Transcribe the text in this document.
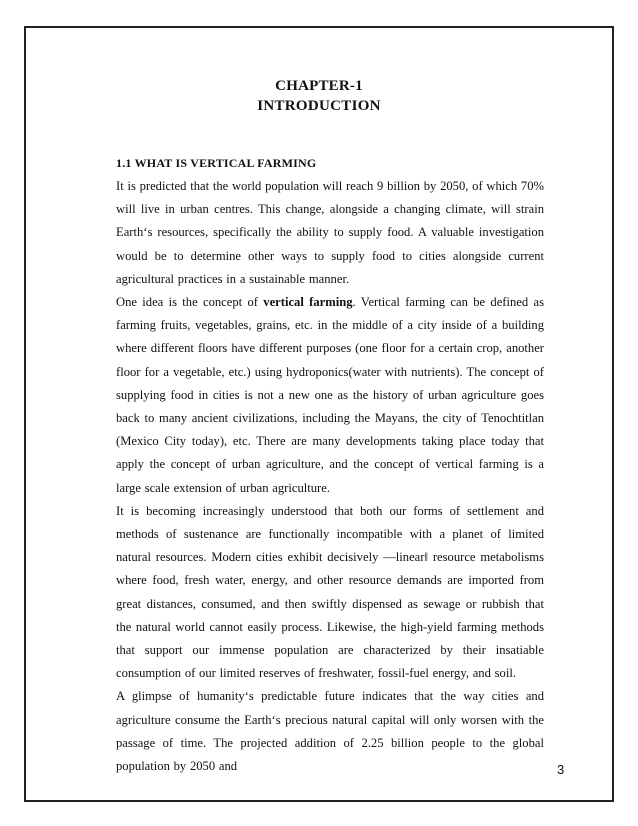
CHAPTER-1
INTRODUCTION
1.1 WHAT IS VERTICAL FARMING

It is predicted that the world population will reach 9 billion by 2050, of which 70% will live in urban centres. This change, alongside a changing climate, will strain Earth‘s resources, specifically the ability to supply food. A valuable investigation would be to determine other ways to supply food to cities alongside current agricultural practices in a sustainable manner.

One idea is the concept of vertical farming. Vertical farming can be defined as farming fruits, vegetables, grains, etc. in the middle of a city inside of a building where different floors have different purposes (one floor for a certain crop, another floor for a vegetable, etc.) using hydroponics(water with nutrients). The concept of supplying food in cities is not a new one as the history of urban agriculture goes back to many ancient civilizations, including the Mayans, the city of Tenochtitlan (Mexico City today), etc. There are many developments taking place today that apply the concept of urban agriculture, and the concept of vertical farming is a large scale extension of urban agriculture.

It is becoming increasingly understood that both our forms of settlement and methods of sustenance are functionally incompatible with a planet of limited natural resources. Modern cities exhibit decisively ―linear‖ resource metabolisms where food, fresh water, energy, and other resource demands are imported from great distances, consumed, and then swiftly dispensed as sewage or rubbish that the natural world cannot easily process. Likewise, the high-yield farming methods that support our immense population are characterized by their insatiable consumption of our limited reserves of freshwater, fossil-fuel energy, and soil.

A glimpse of humanity‘s predictable future indicates that the way cities and agriculture consume the Earth‘s precious natural capital will only worsen with the passage of time. The projected addition of 2.25 billion people to the global population by 2050 and	3
